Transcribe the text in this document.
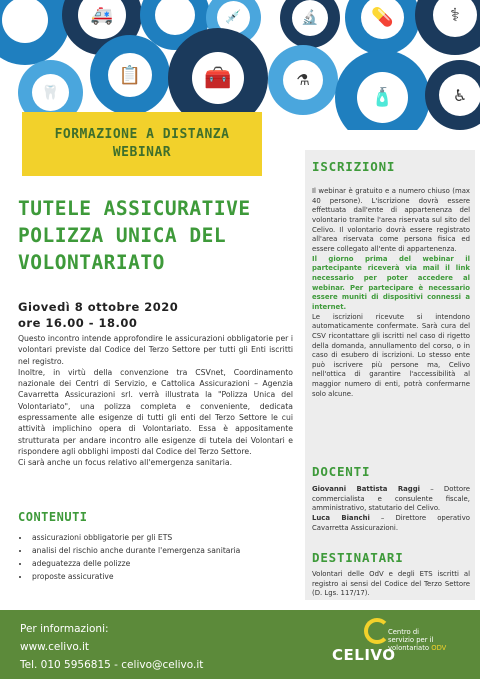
🚑	💉	🔬	💊	⚕
🦷
📋	🧰	⚗
🧴	♿
FORMAZIONE A DISTANZA
WEBINAR
TUTELE ASSICURATIVE
POLIZZA UNICA DEL
VOLONTARIATO
Giovedì 8 ottobre 2020
ore 16.00 - 18.00

Questo incontro intende approfondire le assicurazioni obbligatorie per i volontari previste dal Codice del Terzo Settore per tutti gli Enti iscritti nel registro.

Inoltre, in virtù della convenzione tra CSVnet, Coordinamento nazionale dei Centri di Servizio, e Cattolica Assicurazioni – Agenzia Cavarretta Assicurazioni srl. verrà illustrata la "Polizza Unica del Volontariato", una polizza completa e conveniente, dedicata espressamente alle esigenze di tutti gli enti del Terzo Settore le cui attività implichino opera di Volontariato. Essa è appositamente strutturata per andare incontro alle esigenze di tutela dei Volontari e rispondere agli obblighi imposti dal Codice del Terzo Settore.

Ci sarà anche un focus relativo all'emergenza sanitaria.

CONTENUTI
• assicurazioni obbligatorie per gli ETS
• analisi del rischio anche durante l'emergenza sanitaria
• adeguatezza delle polizze
• proposte assicurative
ISCRIZIONI

Il webinar è gratuito e a numero chiuso (max 40 persone). L'iscrizione dovrà essere effettuata dall'ente di appartenenza del volontario tramite l'area riservata sul sito del Celivo. Il volontario dovrà essere registrato all'area riservata come persona fisica ed essere collegato all'ente di appartenenza.

Il giorno prima del webinar il partecipante riceverà via mail il link necessario per poter accedere al webinar. Per partecipare è necessario essere muniti di dispositivi connessi a internet.

Le iscrizioni ricevute si intendono automaticamente confermate. Sarà cura del CSV ricontattare gli iscritti nel caso di rigetto della domanda, annullamento del corso, o in caso di esubero di iscrizioni. Lo stesso ente può iscrivere più persone ma, Celivo nell'ottica di garantire l'accessibilità al maggior numero di enti, potrà confermarne solo alcune.

DOCENTI

Giovanni Battista Raggi – Dottore commercialista e consulente fiscale, amministrativo, statutario del Celivo.

Luca Bianchi – Direttore operativo Cavarretta Assicurazioni.

DESTINATARI
Volontari delle OdV e degli ETS iscritti al registro ai sensi del Codice del Terzo Settore (D. Lgs. 117/17).
Per informazioni:
www.celivo.it
Tel. 010 5956815 - celivo@celivo.it
CELIVO
Centro di
servizio per il
volontariato ODV
